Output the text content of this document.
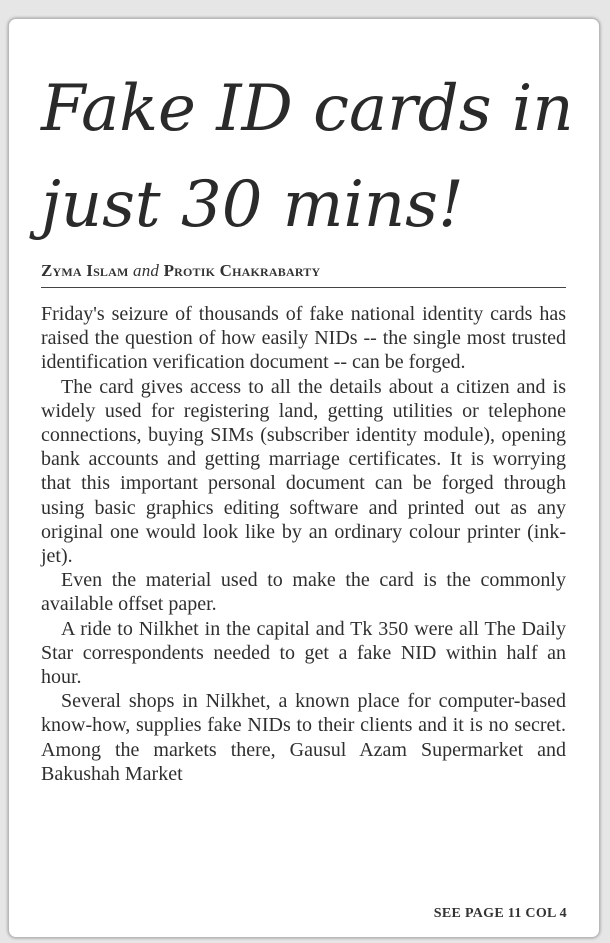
Fake ID cards in just 30 mins!
Zyma Islam and Protik Chakrabarty

Friday's seizure of thousands of fake national identity cards has raised the question of how easily NIDs -- the single most trusted identification verification document -- can be forged.

The card gives access to all the details about a citizen and is widely used for registering land, getting utilities or telephone connections, buying SIMs (subscriber identity module), opening bank accounts and getting marriage certificates. It is worrying that this important personal document can be forged through using basic graphics editing software and printed out as any original one would look like by an ordinary colour printer (ink-jet).

Even the material used to make the card is the commonly available offset paper.

A ride to Nilkhet in the capital and Tk 350 were all The Daily Star correspondents needed to get a fake NID within half an hour.

Several shops in Nilkhet, a known place for computer-based know-how, supplies fake NIDs to their clients and it is no secret. Among the markets there, Gausul Azam Supermarket and Bakushah Market

SEE PAGE 11 COL 4
